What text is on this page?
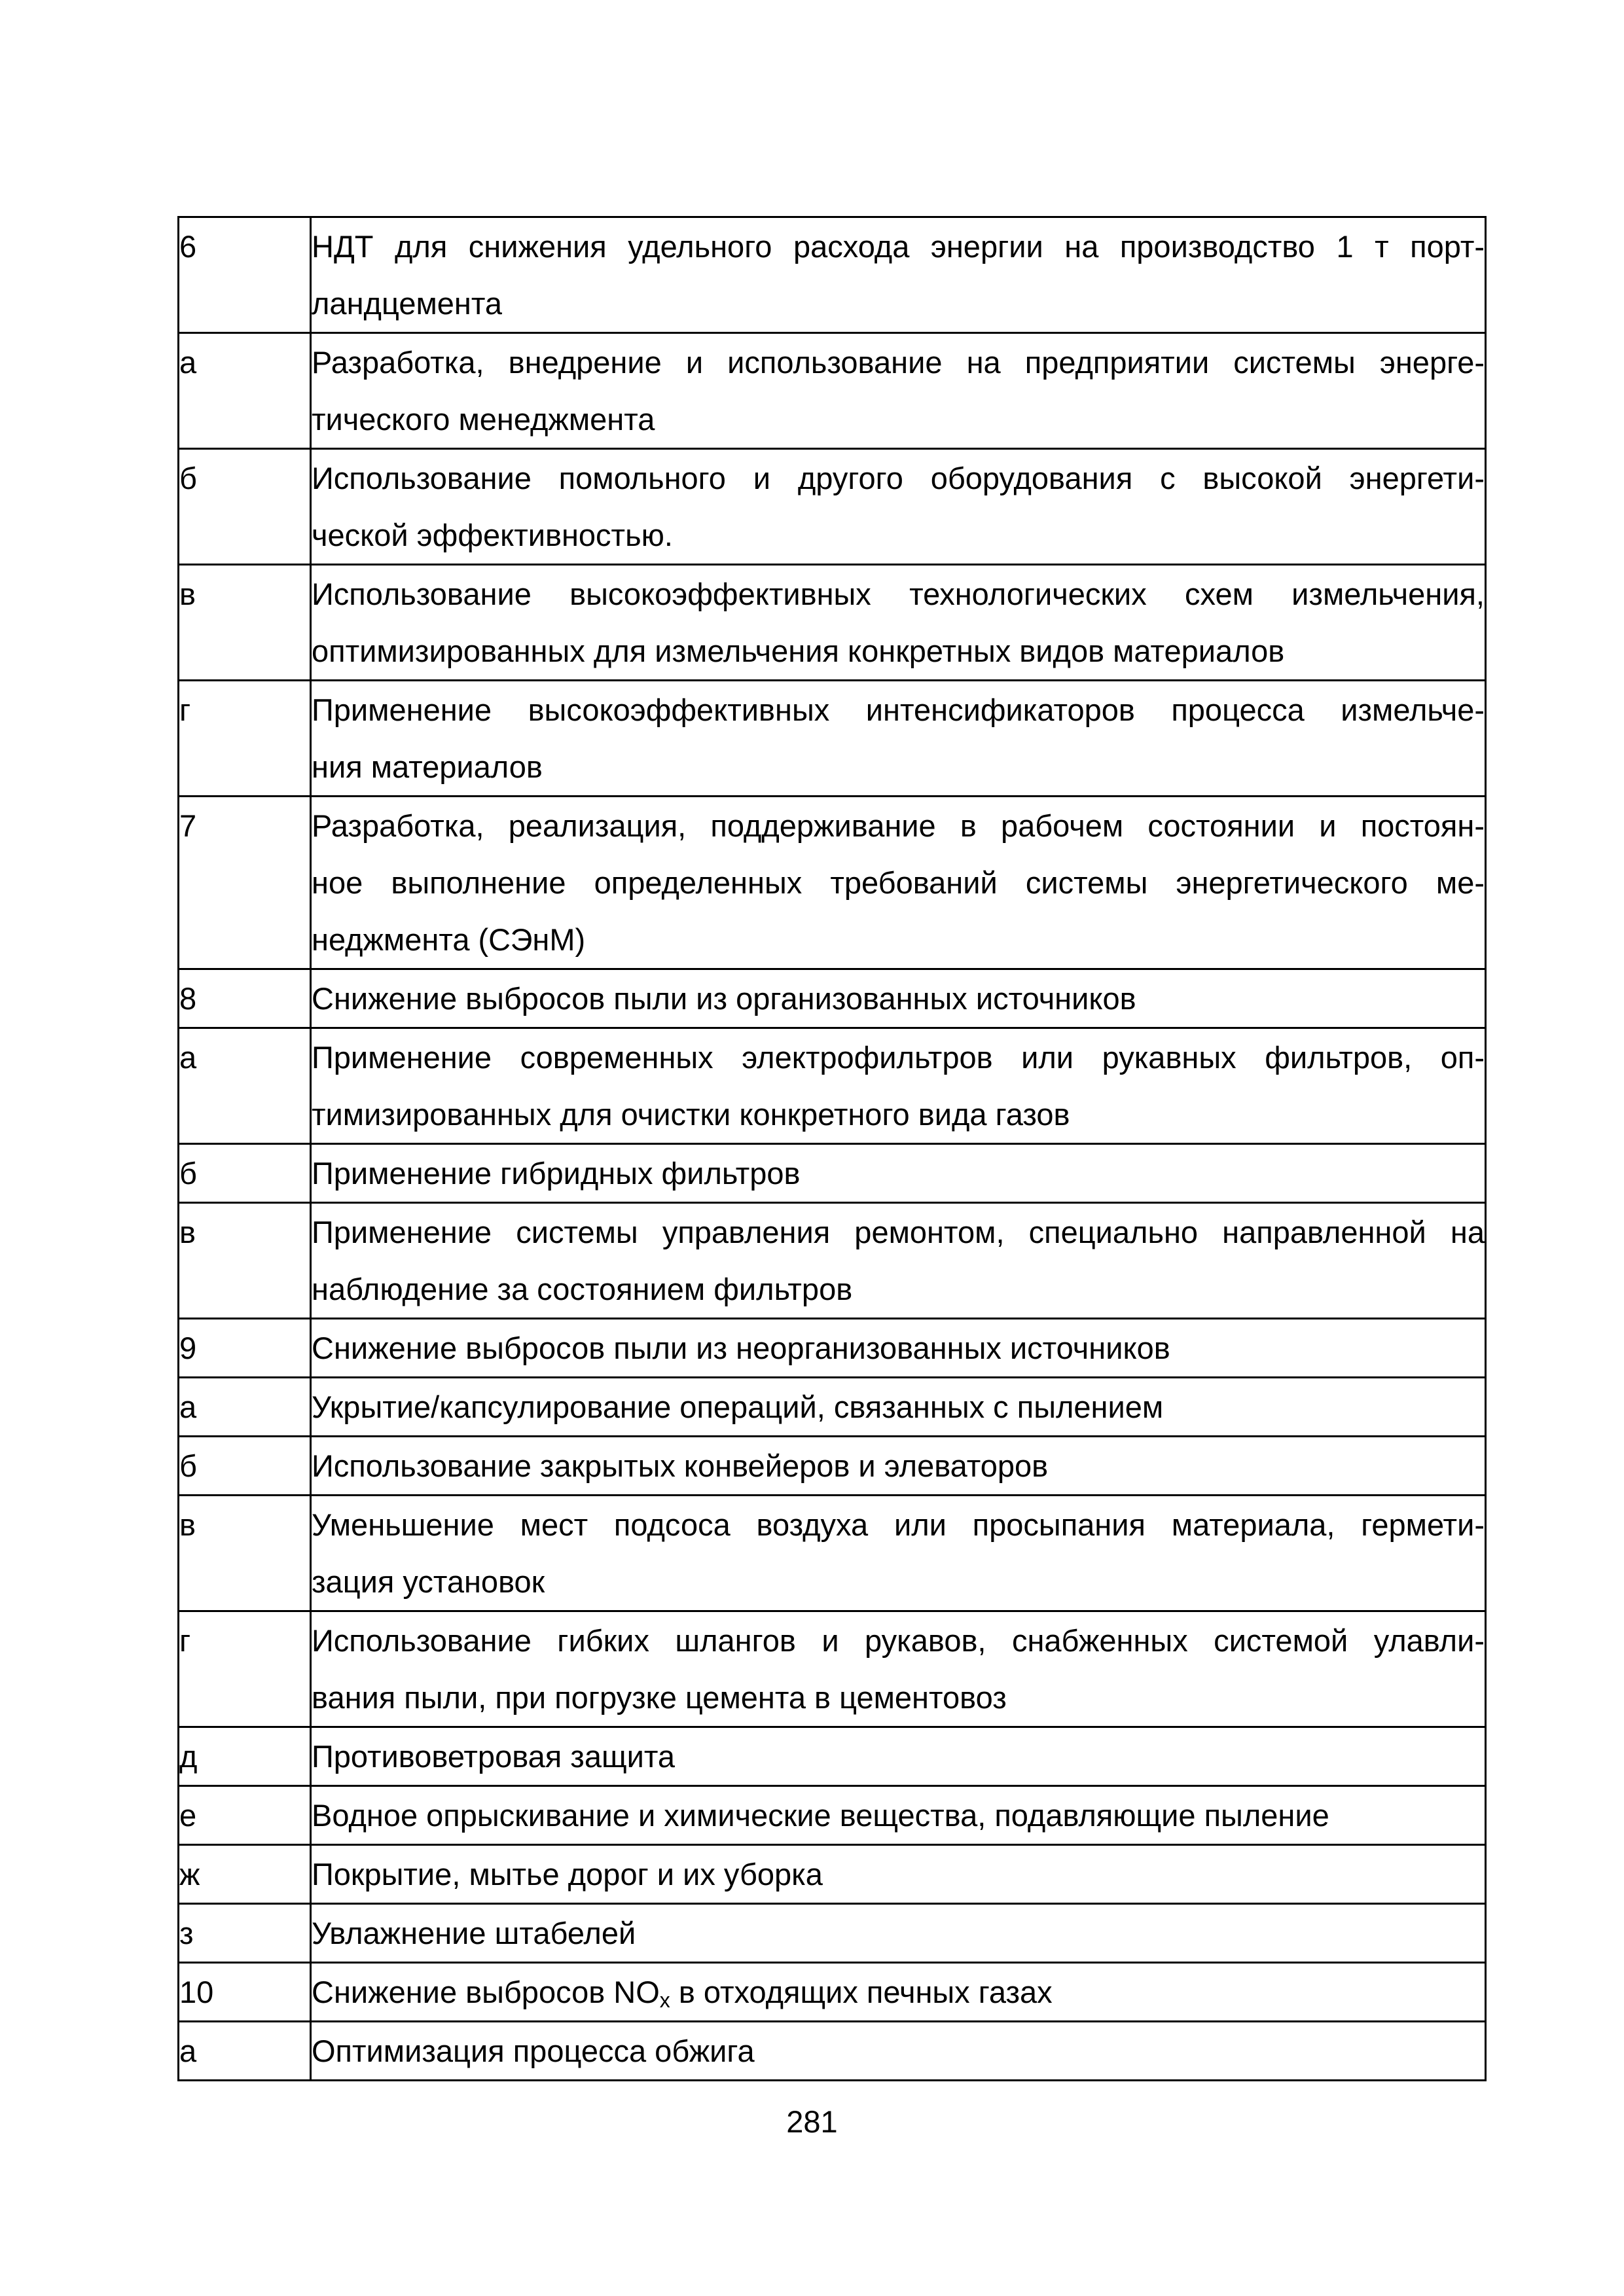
6	НДТ для снижения удельного расхода энергии на производство 1 т порт-
ландцемента

а	Разработка, внедрение и использование на предприятии системы энерге-
тического менеджмента

б	Использование помольного и другого оборудования с высокой энергети-
ческой эффективностью.

в	Использование высокоэффективных технологических схем измельчения,
оптимизированных для измельчения конкретных видов материалов

г	Применение высокоэффективных интенсификаторов процесса измельче-
ния материалов

7	Разработка, реализация, поддерживание в рабочем состоянии и постоян-
ное выполнение определенных требований системы энергетического ме-
неджмента (СЭнМ)

8	Снижение выбросов пыли из организованных источников

а	Применение современных электрофильтров или рукавных фильтров, оп-
тимизированных для очистки конкретного вида газов

б	Применение гибридных фильтров

в	Применение системы управления ремонтом, специально направленной на
наблюдение за состоянием фильтров

9	Снижение выбросов пыли из неорганизованных источников

а	Укрытие/капсулирование операций, связанных с пылением

б	Использование закрытых конвейеров и элеваторов

в	Уменьшение мест подсоса воздуха или просыпания материала, гермети-
зация установок

г	Использование гибких шлангов и рукавов, снабженных системой улавли-
вания пыли, при погрузке цемента в цементовоз

д	Противоветровая защита

е	Водное опрыскивание и химические вещества, подавляющие пыление

ж	Покрытие, мытье дорог и их уборка

з	Увлажнение штабелей

10	Снижение выбросов $NO_x$ в отходящих печных газах

а	Оптимизация процесса обжига
281
